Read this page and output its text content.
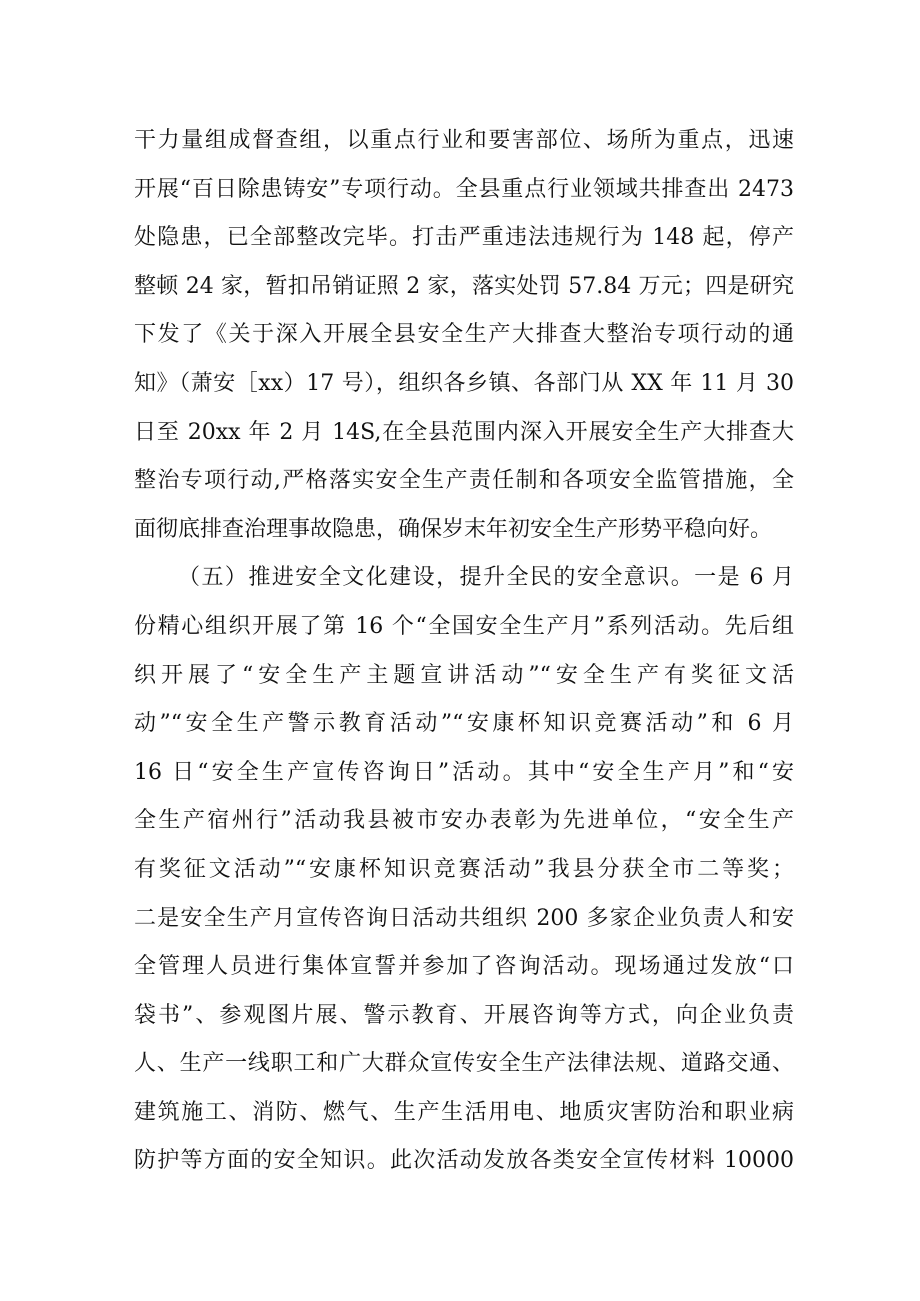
干力量组成督查组，以重点行业和要害部位、场所为重点，迅速
开展“百日除患铸安”专项行动。全县重点行业领域共排查出 2473
处隐患，已全部整改完毕。打击严重违法违规行为 148 起，停产
整顿 24 家，暂扣吊销证照 2 家，落实处罚 57.84 万元；四是研究
下发了《关于深入开展全县安全生产大排查大整治专项行动的通
知》（萧安［xx）17 号），组织各乡镇、各部门从 XX 年 11 月 30
日至 20xx 年 2 月 14S,在全县范围内深入开展安全生产大排查大
整治专项行动,严格落实安全生产责任制和各项安全监管措施，全
面彻底排查治理事故隐患，确保岁末年初安全生产形势平稳向好。
（五）推进安全文化建设，提升全民的安全意识。一是 6 月
份精心组织开展了第 16 个“全国安全生产月”系列活动。先后组
织开展了“安全生产主题宣讲活动”“安全生产有奖征文活
动”“安全生产警示教育活动”“安康杯知识竞赛活动”和 6 月
16 日“安全生产宣传咨询日”活动。其中“安全生产月”和“安
全生产宿州行”活动我县被市安办表彰为先进单位，“安全生产
有奖征文活动”“安康杯知识竞赛活动”我县分获全市二等奖；
二是安全生产月宣传咨询日活动共组织 200 多家企业负责人和安
全管理人员进行集体宣誓并参加了咨询活动。现场通过发放“口
袋书”、参观图片展、警示教育、开展咨询等方式，向企业负责
人、生产一线职工和广大群众宣传安全生产法律法规、道路交通、
建筑施工、消防、燃气、生产生活用电、地质灾害防治和职业病
防护等方面的安全知识。此次活动发放各类安全宣传材料 10000
